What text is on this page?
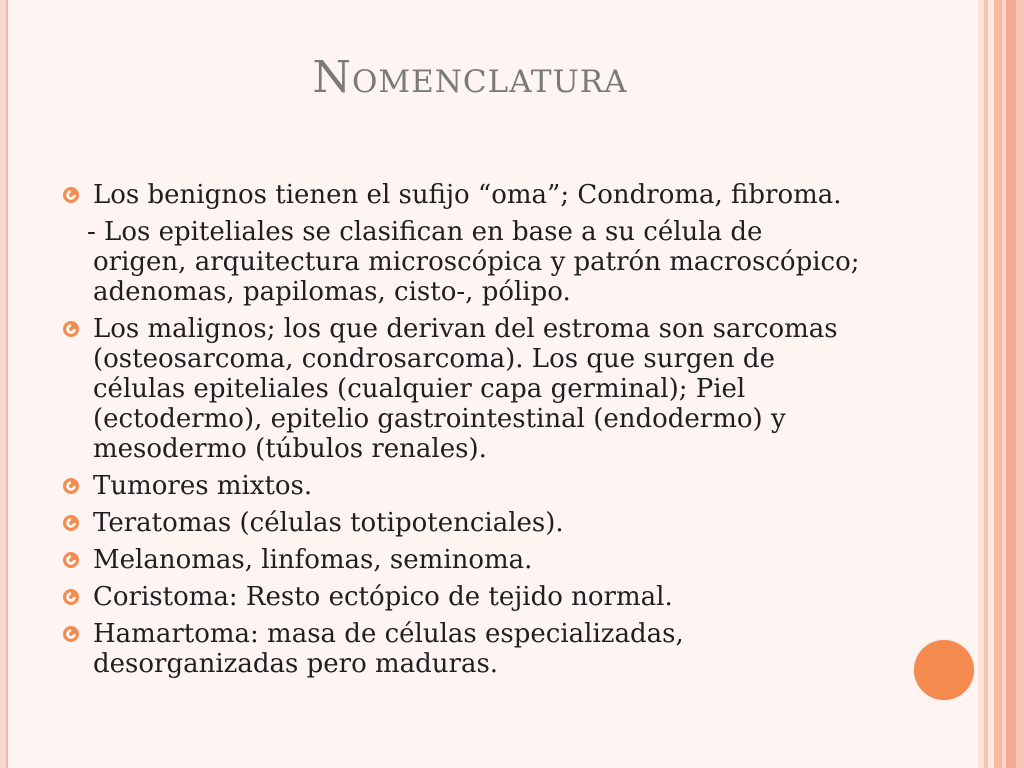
Nomenclatura
Los benignos tienen el sufijo “oma”; Condroma, fibroma.
- Los epiteliales se clasifican en base a su célula de origen, arquitectura microscópica y patrón macroscópico; adenomas, papilomas, cisto-, pólipo.
Los malignos; los que derivan del estroma son sarcomas (osteosarcoma, condrosarcoma). Los que surgen de células epiteliales (cualquier capa germinal); Piel (ectodermo), epitelio gastrointestinal (endodermo) y mesodermo (túbulos renales).
Tumores mixtos.
Teratomas (células totipotenciales).
Melanomas, linfomas, seminoma.
Coristoma: Resto ectópico de tejido normal.
Hamartoma: masa de células especializadas, desorganizadas pero maduras.
